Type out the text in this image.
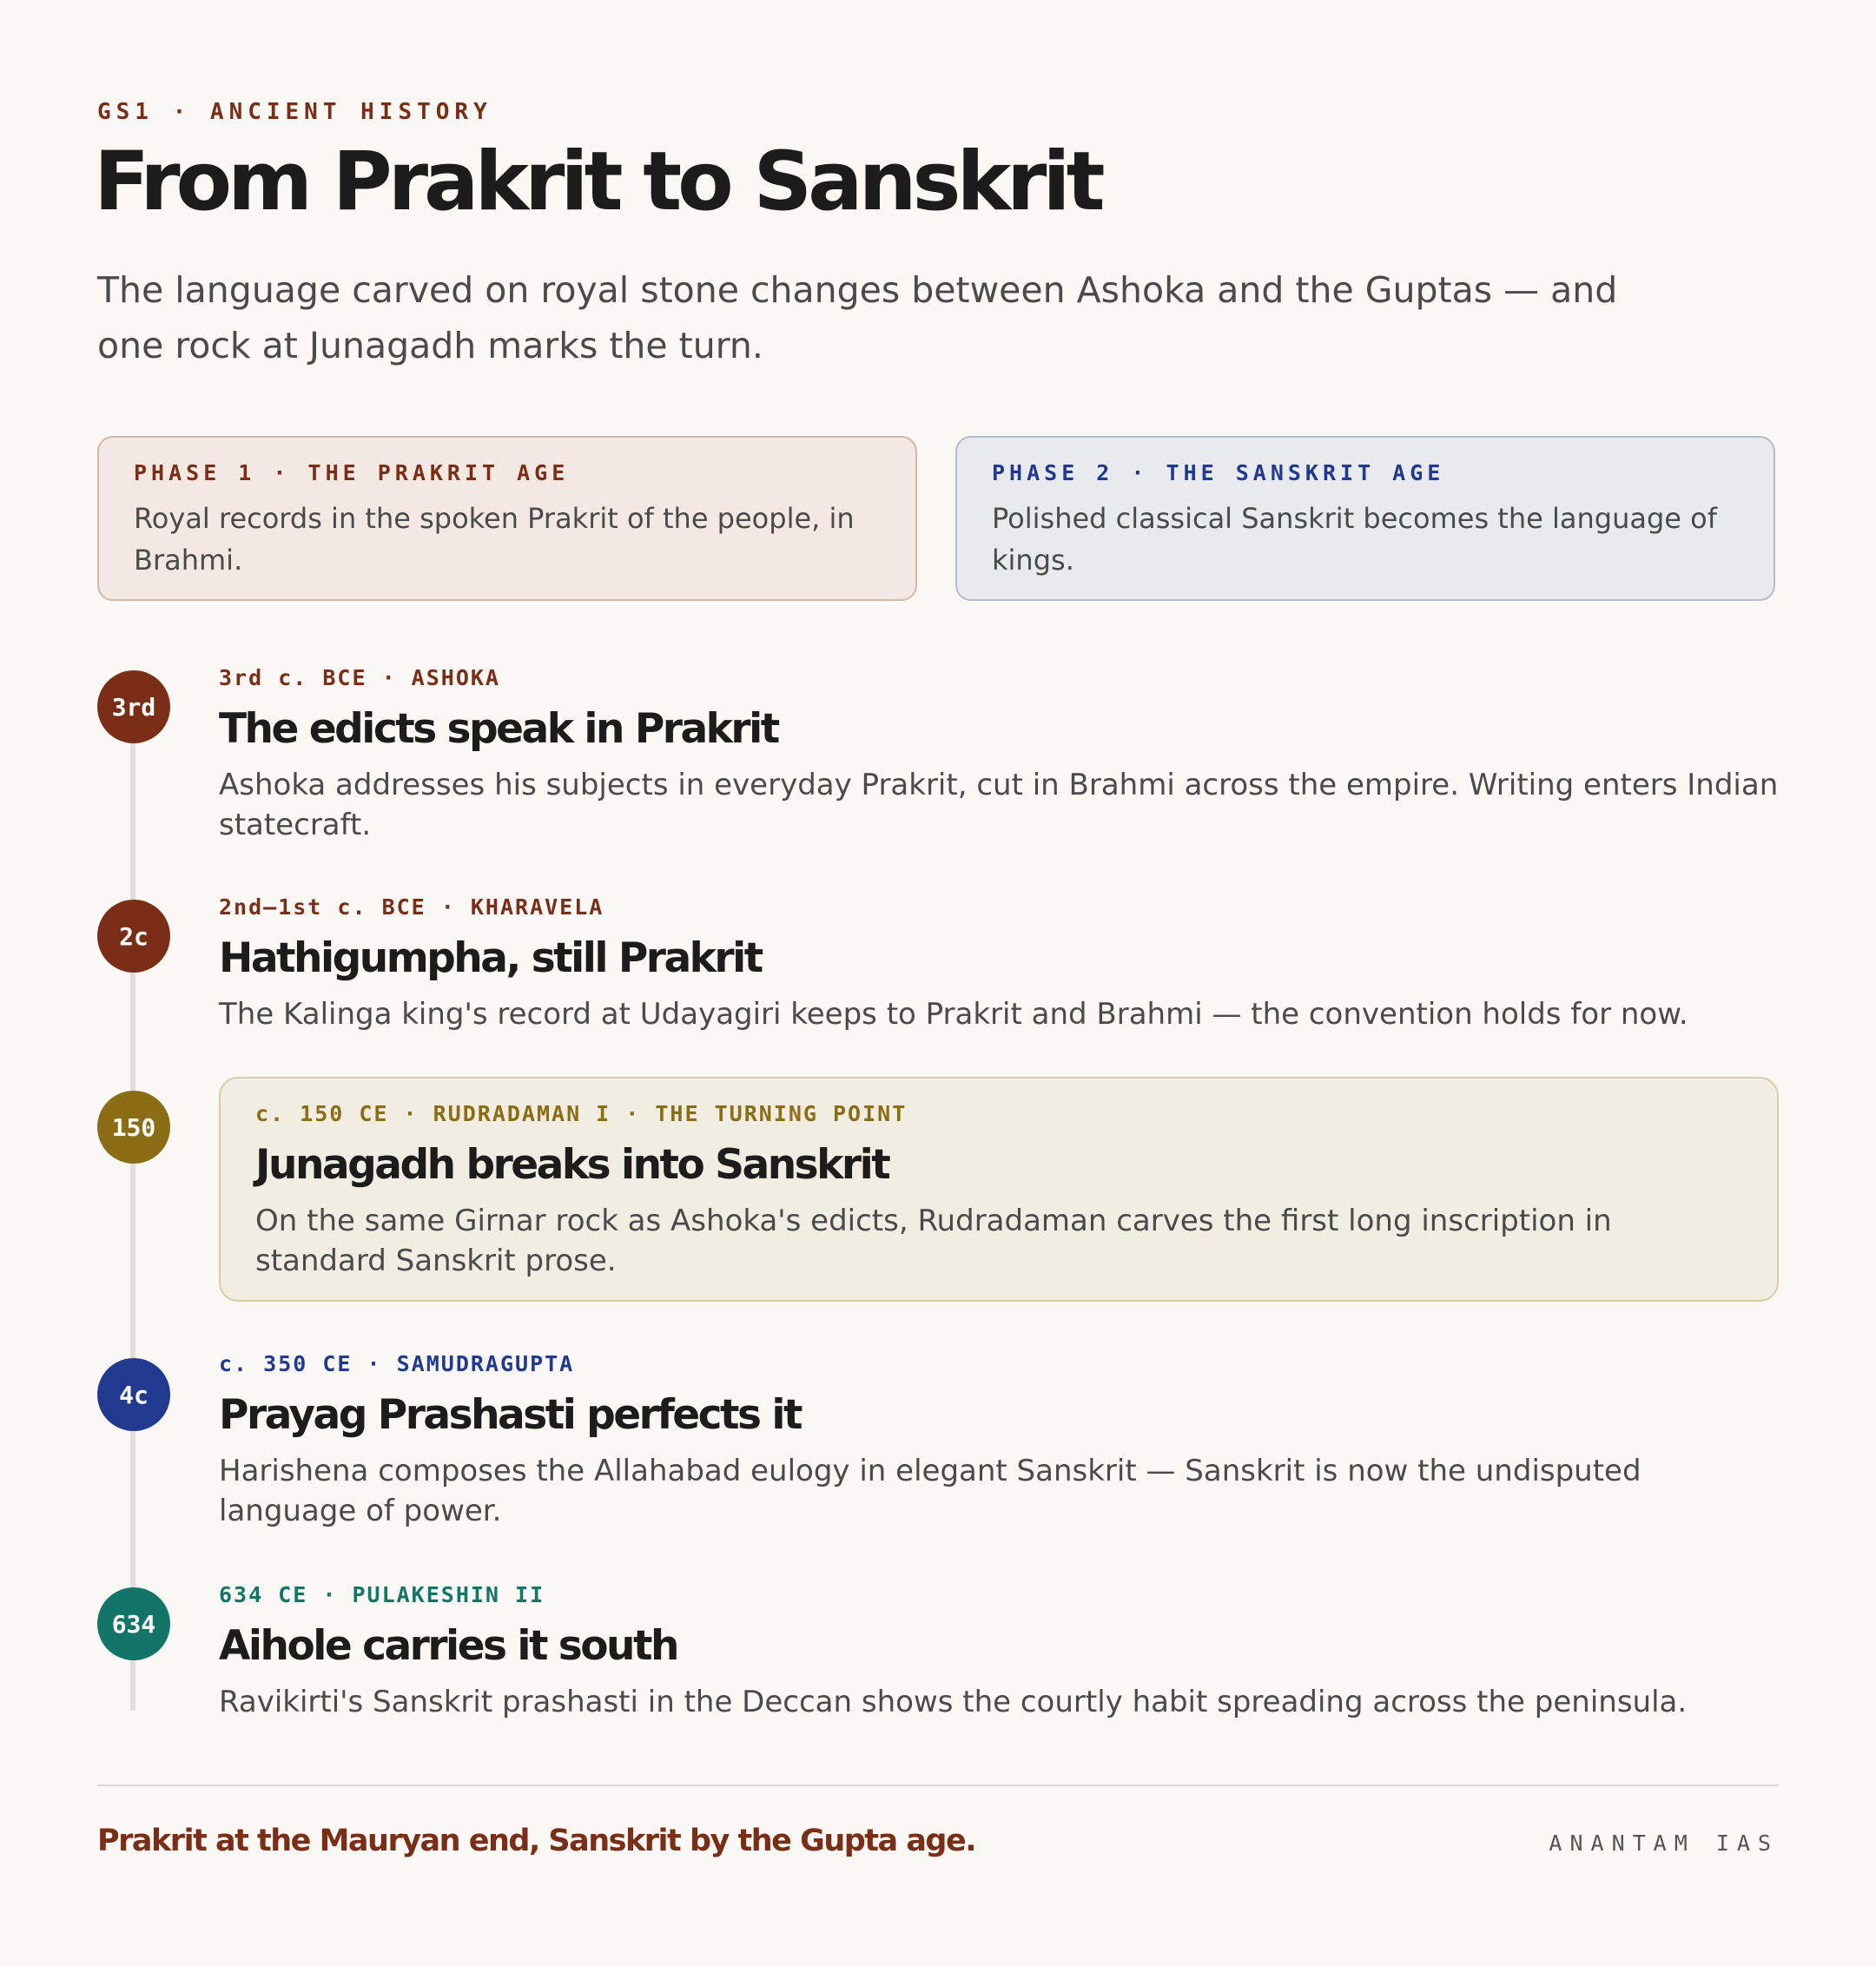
GS1 · ANCIENT HISTORY
From Prakrit to Sanskrit

The language carved on royal stone changes between Ashoka and the Guptas — and one rock at Junagadh marks the turn.

PHASE 1 · THE PRAKRIT AGE
Royal records in the spoken Prakrit of the people, in Brahmi.
PHASE 2 · THE SANSKRIT AGE
Polished classical Sanskrit becomes the language of kings.
3rd
3rd c. BCE · ASHOKA
The edicts speak in Prakrit
Ashoka addresses his subjects in everyday Prakrit, cut in Brahmi across the empire. Writing enters Indian statecraft.
2c
2nd–1st c. BCE · KHARAVELA
Hathigumpha, still Prakrit
The Kalinga king's record at Udayagiri keeps to Prakrit and Brahmi — the convention holds for now.
150	c. 150 CE · RUDRADAMAN I · THE TURNING POINT
Junagadh breaks into Sanskrit
On the same Girnar rock as Ashoka's edicts, Rudradaman carves the first long inscription in standard Sanskrit prose.
4c
c. 350 CE · SAMUDRAGUPTA
Prayag Prashasti perfects it
Harishena composes the Allahabad eulogy in elegant Sanskrit — Sanskrit is now the undisputed language of power.
634
634 CE · PULAKESHIN II
Aihole carries it south
Ravikirti's Sanskrit prashasti in the Deccan shows the courtly habit spreading across the peninsula.
Prakrit at the Mauryan end, Sanskrit by the Gupta age.	ANANTAM IAS
